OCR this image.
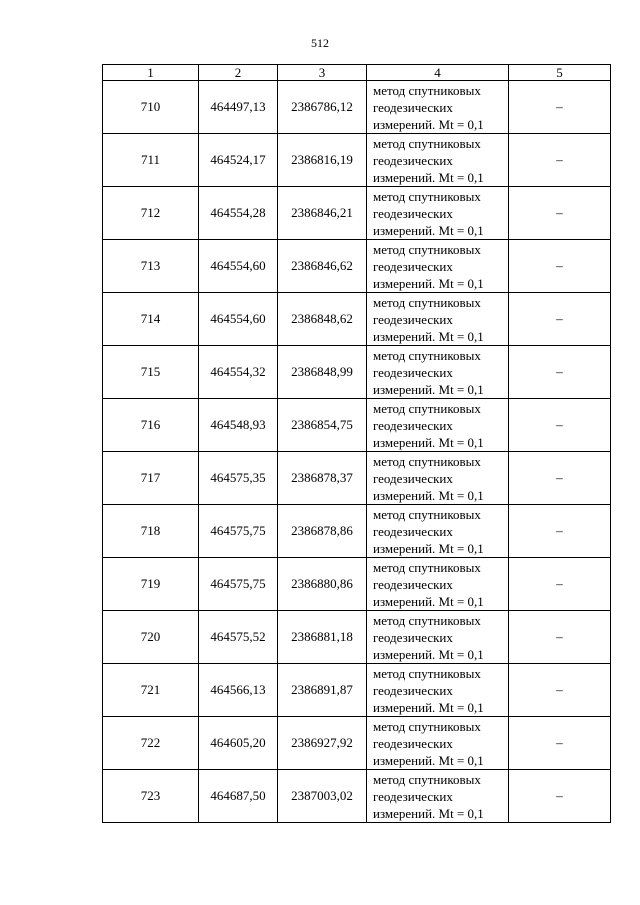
512
1	2	3	4	5
710	464497,13	2386786,12	метод спутниковых геодезических измерений. Mt = 0,1	–
711	464524,17	2386816,19	метод спутниковых геодезических измерений. Mt = 0,1	–
712	464554,28	2386846,21	метод спутниковых геодезических измерений. Mt = 0,1	–
713	464554,60	2386846,62	метод спутниковых геодезических измерений. Mt = 0,1	–
714	464554,60	2386848,62	метод спутниковых геодезических измерений. Mt = 0,1	–
715	464554,32	2386848,99	метод спутниковых геодезических измерений. Mt = 0,1	–
716	464548,93	2386854,75	метод спутниковых геодезических измерений. Mt = 0,1	–
717	464575,35	2386878,37	метод спутниковых геодезических измерений. Mt = 0,1	–
718	464575,75	2386878,86	метод спутниковых геодезических измерений. Mt = 0,1	–
719	464575,75	2386880,86	метод спутниковых геодезических измерений. Mt = 0,1	–
720	464575,52	2386881,18	метод спутниковых геодезических измерений. Mt = 0,1	–
721	464566,13	2386891,87	метод спутниковых геодезических измерений. Mt = 0,1	–
722	464605,20	2386927,92	метод спутниковых геодезических измерений. Mt = 0,1	–
723	464687,50	2387003,02	метод спутниковых геодезических измерений. Mt = 0,1	–
